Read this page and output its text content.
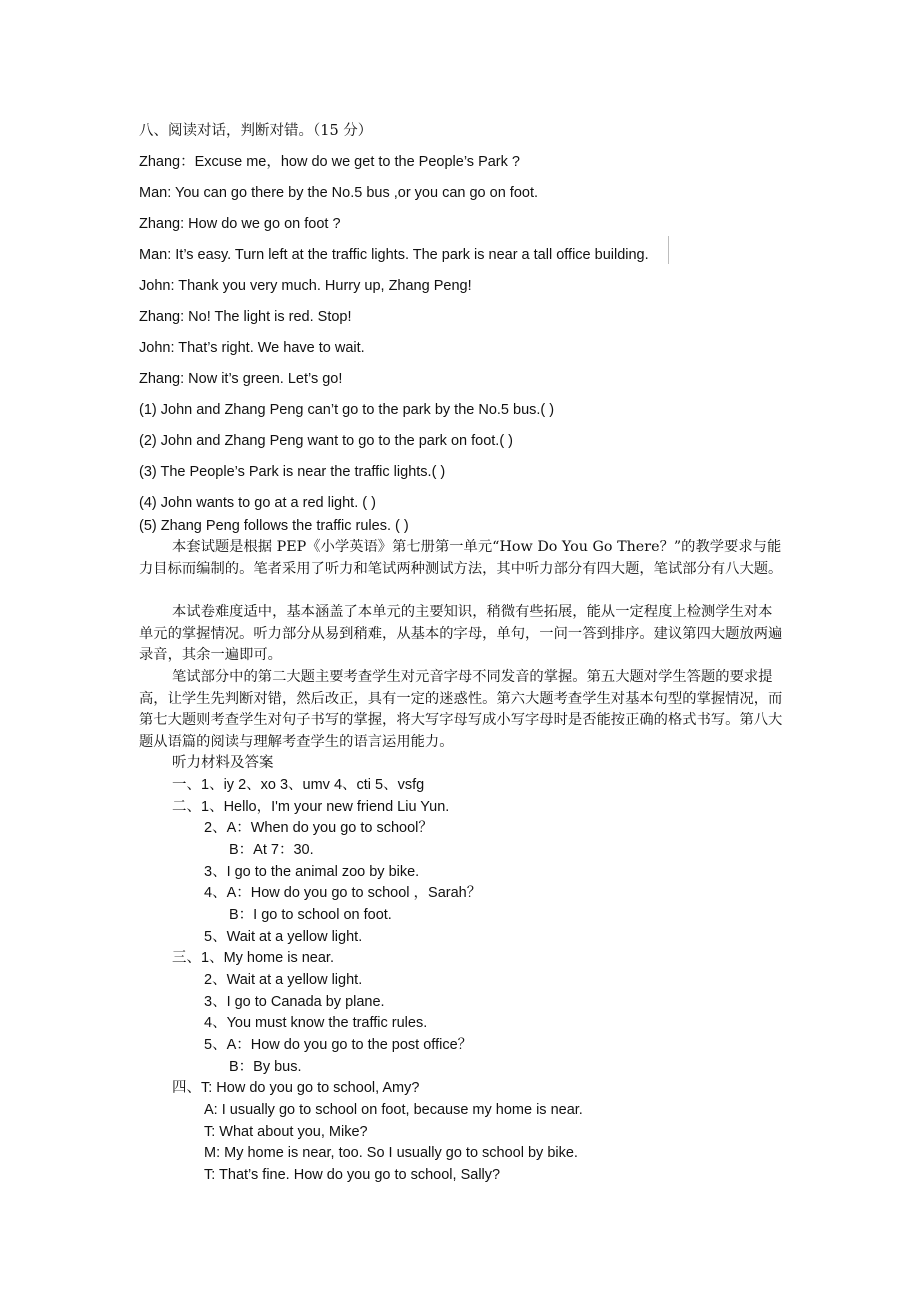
八、阅读对话，判断对错。（15 分）
Zhang：Excuse me，how do we get to the People’s Park ?
Man: You can go there by the No.5 bus ,or you can go on foot.
Zhang: How do we go on foot ?
Man: It’s easy. Turn left at the traffic lights. The park is near a tall office building.
John: Thank you very much. Hurry up, Zhang Peng!
Zhang: No! The light is red. Stop!
John: That’s right. We have to wait.
Zhang: Now it’s green. Let’s go!
(1) John and Zhang Peng can’t go to the park by the No.5 bus.( )
(2) John and Zhang Peng want to go to the park on foot.( )
(3) The People’s Park is near the traffic lights.( )
(4) John wants to go at a red light. ( )
(5) Zhang Peng follows the traffic rules. ( )
本套试题是根据 PEP《小学英语》第七册第一单元“How Do You Go There？”的教学要求与能力目标而编制的。笔者采用了听力和笔试两种测试方法，其中听力部分有四大题，笔试部分有八大题。
本试卷难度适中，基本涵盖了本单元的主要知识，稍微有些拓展，能从一定程度上检测学生对本单元的掌握情况。听力部分从易到稍难，从基本的字母，单句，一问一答到排序。建议第四大题放两遍录音，其余一遍即可。
笔试部分中的第二大题主要考查学生对元音字母不同发音的掌握。第五大题对学生答题的要求提高，让学生先判断对错，然后改正，具有一定的迷惑性。第六大题考查学生对基本句型的掌握情况，而第七大题则考查学生对句子书写的掌握，将大写字母写成小写字母时是否能按正确的格式书写。第八大题从语篇的阅读与理解考查学生的语言运用能力。
听力材料及答案
一、1、iy 2、xo 3、umv 4、cti 5、vsfg
二、1、Hello，I'm your new friend Liu Yun.
2、A：When do you go to school？
B：At 7：30.
3、I go to the animal zoo by bike.
4、A：How do you go to school ，Sarah？
B：I go to school on foot.
5、Wait at a yellow light.
三、1、My home is near.
2、Wait at a yellow light.
3、I go to Canada by plane.
4、You must know the traffic rules.
5、A：How do you go to the post office？
B：By bus.
四、T: How do you go to school, Amy?
A: I usually go to school on foot, because my home is near.
T: What about you, Mike?
M: My home is near, too. So I usually go to school by bike.
T: That’s fine. How do you go to school, Sally?
